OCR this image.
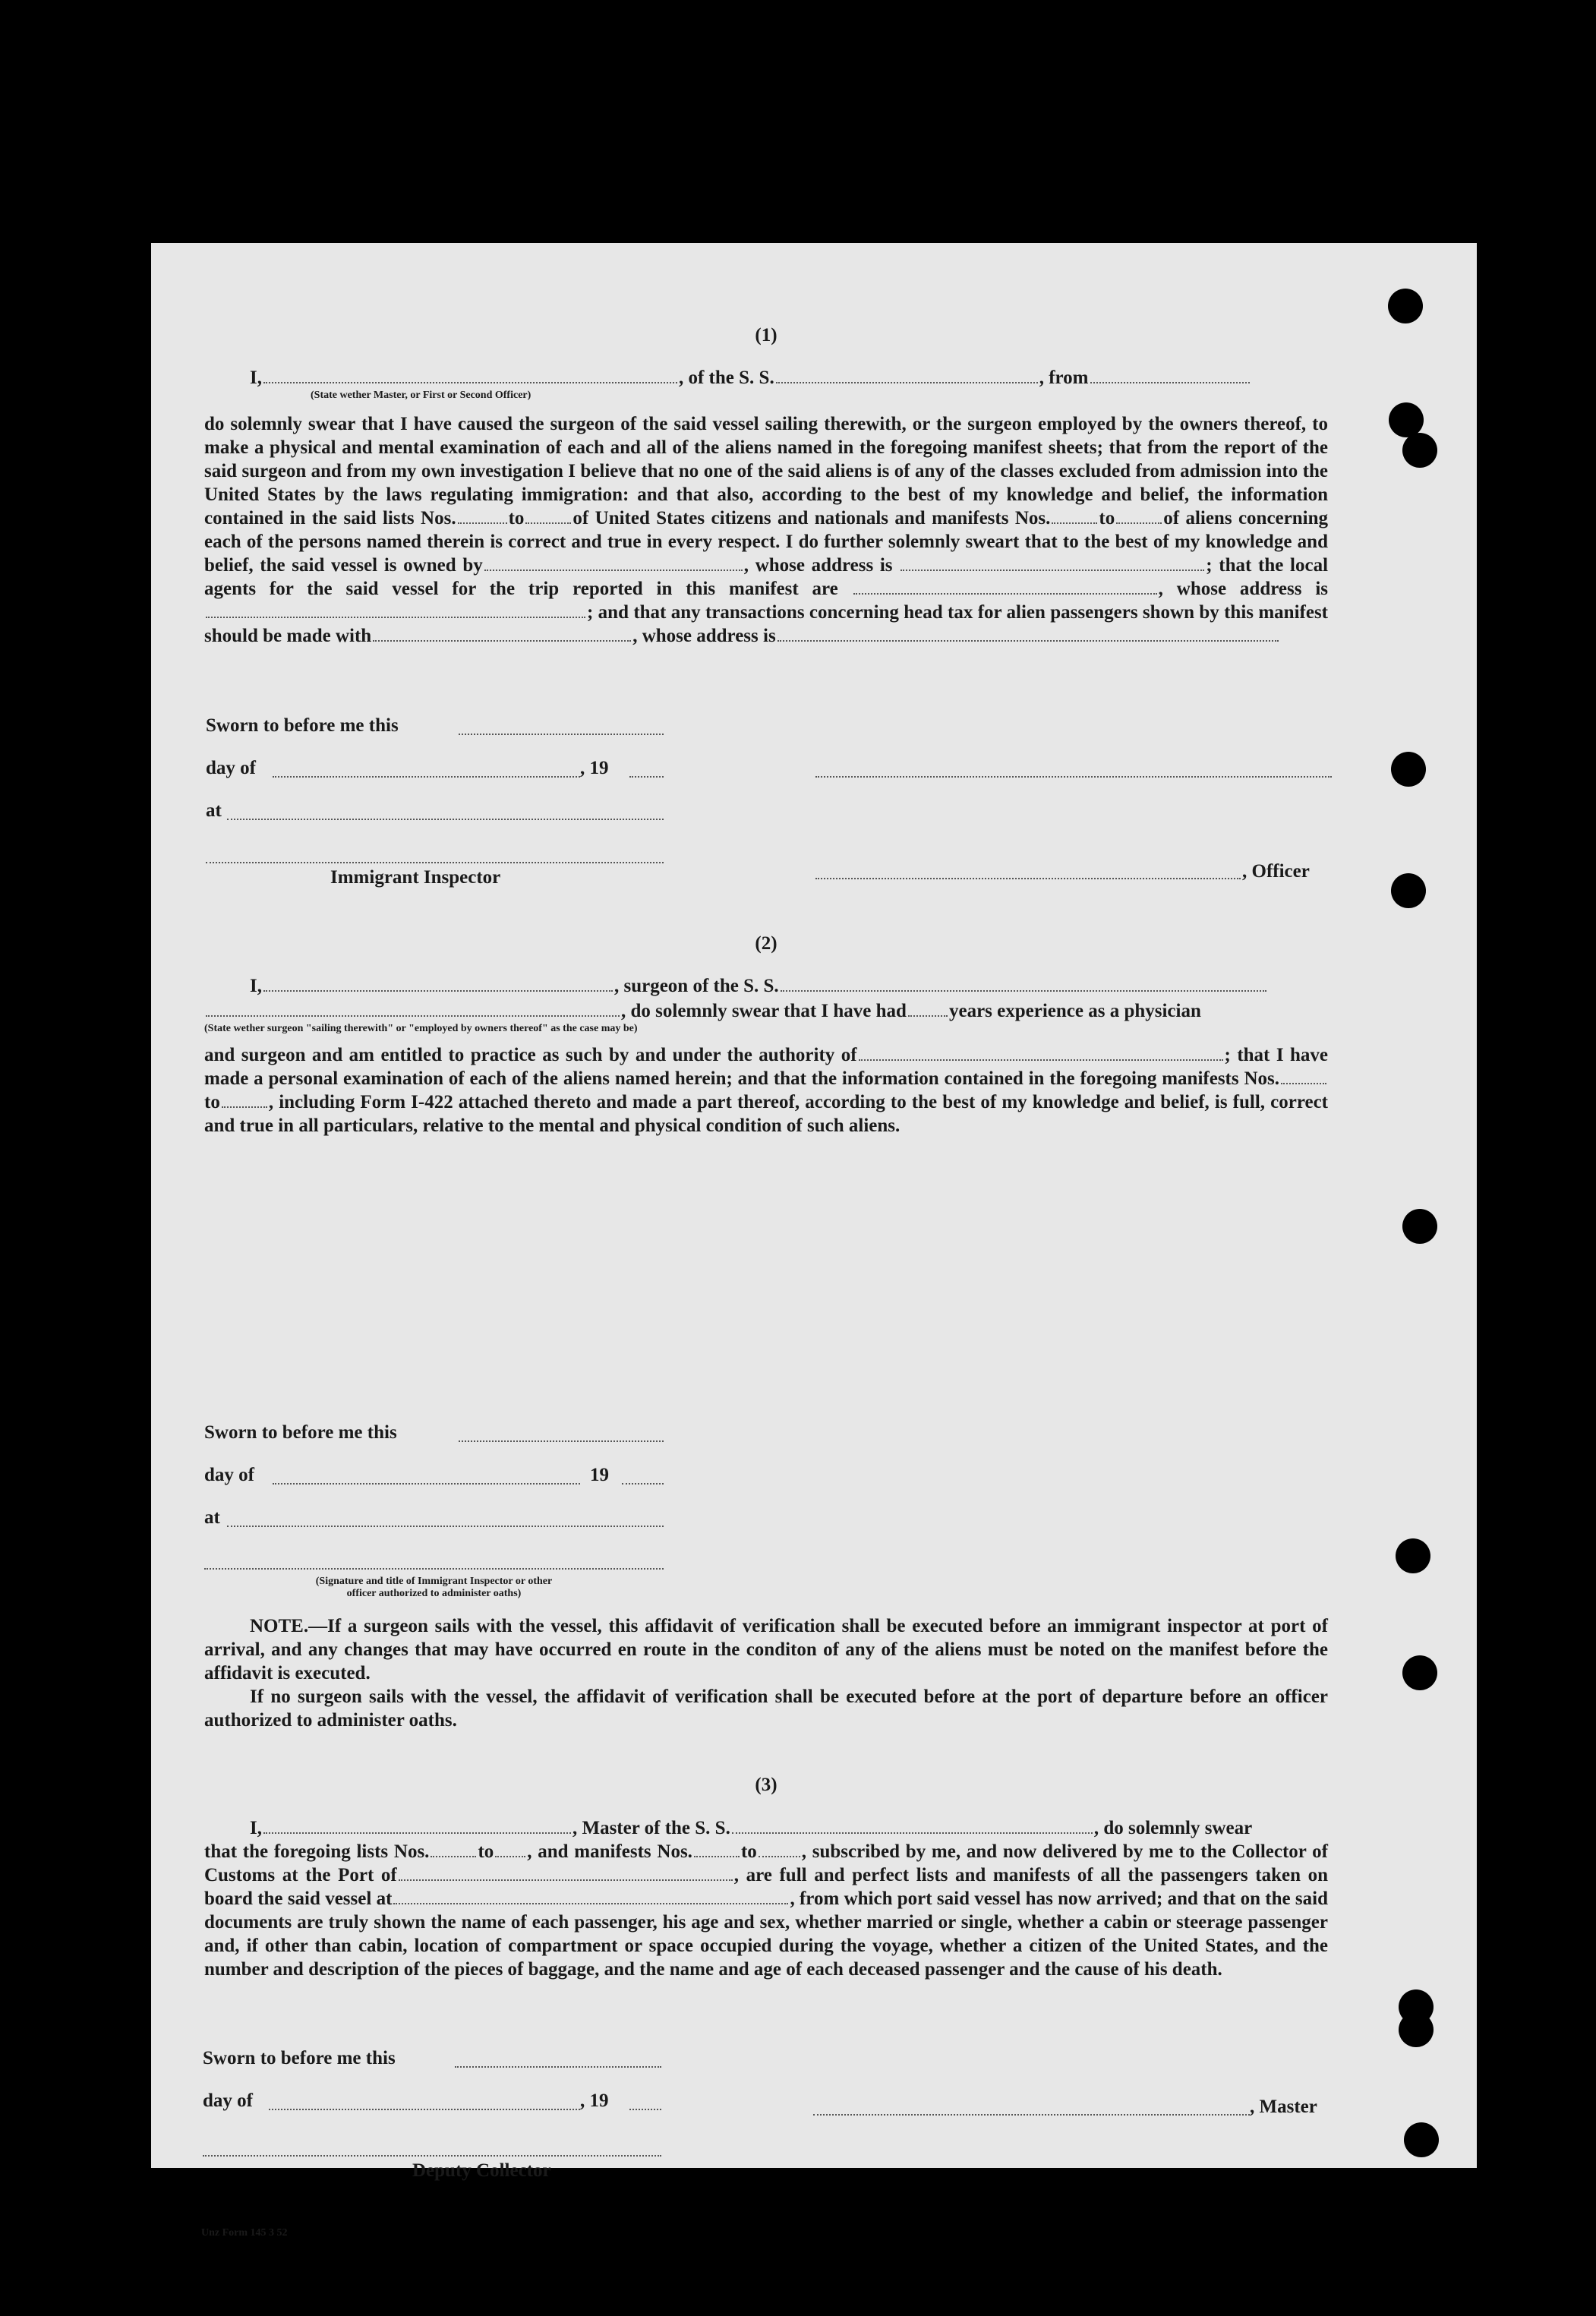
(1)
I,	, of the S. S.	, from
(State wether Master, or First or Second Officer)
do solemnly swear that I have caused the surgeon of the said vessel sailing therewith, or the surgeon employed by the owners thereof, to make a physical and mental examination of each and all of the aliens named in the foregoing manifest sheets; that from the report of the said surgeon and from my own investigation I believe that no one of the said aliens is of any of the classes excluded from admission into the United States by the laws regulating immigration: and that also, according to the best of my knowledge and belief, the information contained in the said lists Nos.	to	of United States citizens and nationals and manifests Nos.	to	of aliens concerning each of the persons named therein is correct and true in every respect. I do further solemnly sweart that to the best of my knowledge and belief, the said vessel is owned by	, whose address is	; that the local agents for the said vessel for the trip reported in this manifest are	, whose address is; and that any transactions concerning head tax for alien passengers shown by this manifest should be made with	, whose address is
Sworn to before me this
day of	, 19
at
Immigrant Inspector	, Officer
(2)
I,	, surgeon of the S. S.
, do solemnly swear that I have had years experience as a physician
(State wether surgeon "sailing therewith" or "employed by owners thereof" as the case may be)
and surgeon and am entitled to practice as such by and under the authority of	; that I have made a personal examination of each of the aliens named herein; and that the information contained in the foregoing manifests Nos.to	, including Form I-422 attached thereto and made a part thereof, according to the best of my knowledge and belief, is full, correct and true in all particulars, relative to the mental and physical condition of such aliens.
Sworn to before me this
day of	19
at
(Signature and title of Immigrant Inspector or other
officer authorized to administer oaths)
NOTE.—If a surgeon sails with the vessel, this affidavit of verification shall be executed before an immigrant inspector at port of arrival, and any changes that may have occurred en route in the conditon of any of the aliens must be noted on the manifest before the affidavit is executed.
If no surgeon sails with the vessel, the affidavit of verification shall be executed before at the port of departure before an officer authorized to administer oaths.
(3)
I,	, Master of the S. S.	, do solemnly swear
that the foregoing lists Nos.	to , and manifests Nos.	to , subscribed by me, and now delivered by me to the Collector of Customs at the Port of	, are full and perfect lists and manifests of all the passengers taken on board the said vessel at	, from which port said vessel has now arrived; and that on the said documents are truly shown the name of each passenger, his age and sex, whether married or single, whether a cabin or steerage passenger and, if other than cabin, location of compartment or space occupied during the voyage, whether a citizen of the United States, and the number and description of the pieces of baggage, and the name and age of each deceased passenger and the cause of his death.
Sworn to before me this
day of	, 19	, Master
Deputy Collector
Unz Form 145 3 52
